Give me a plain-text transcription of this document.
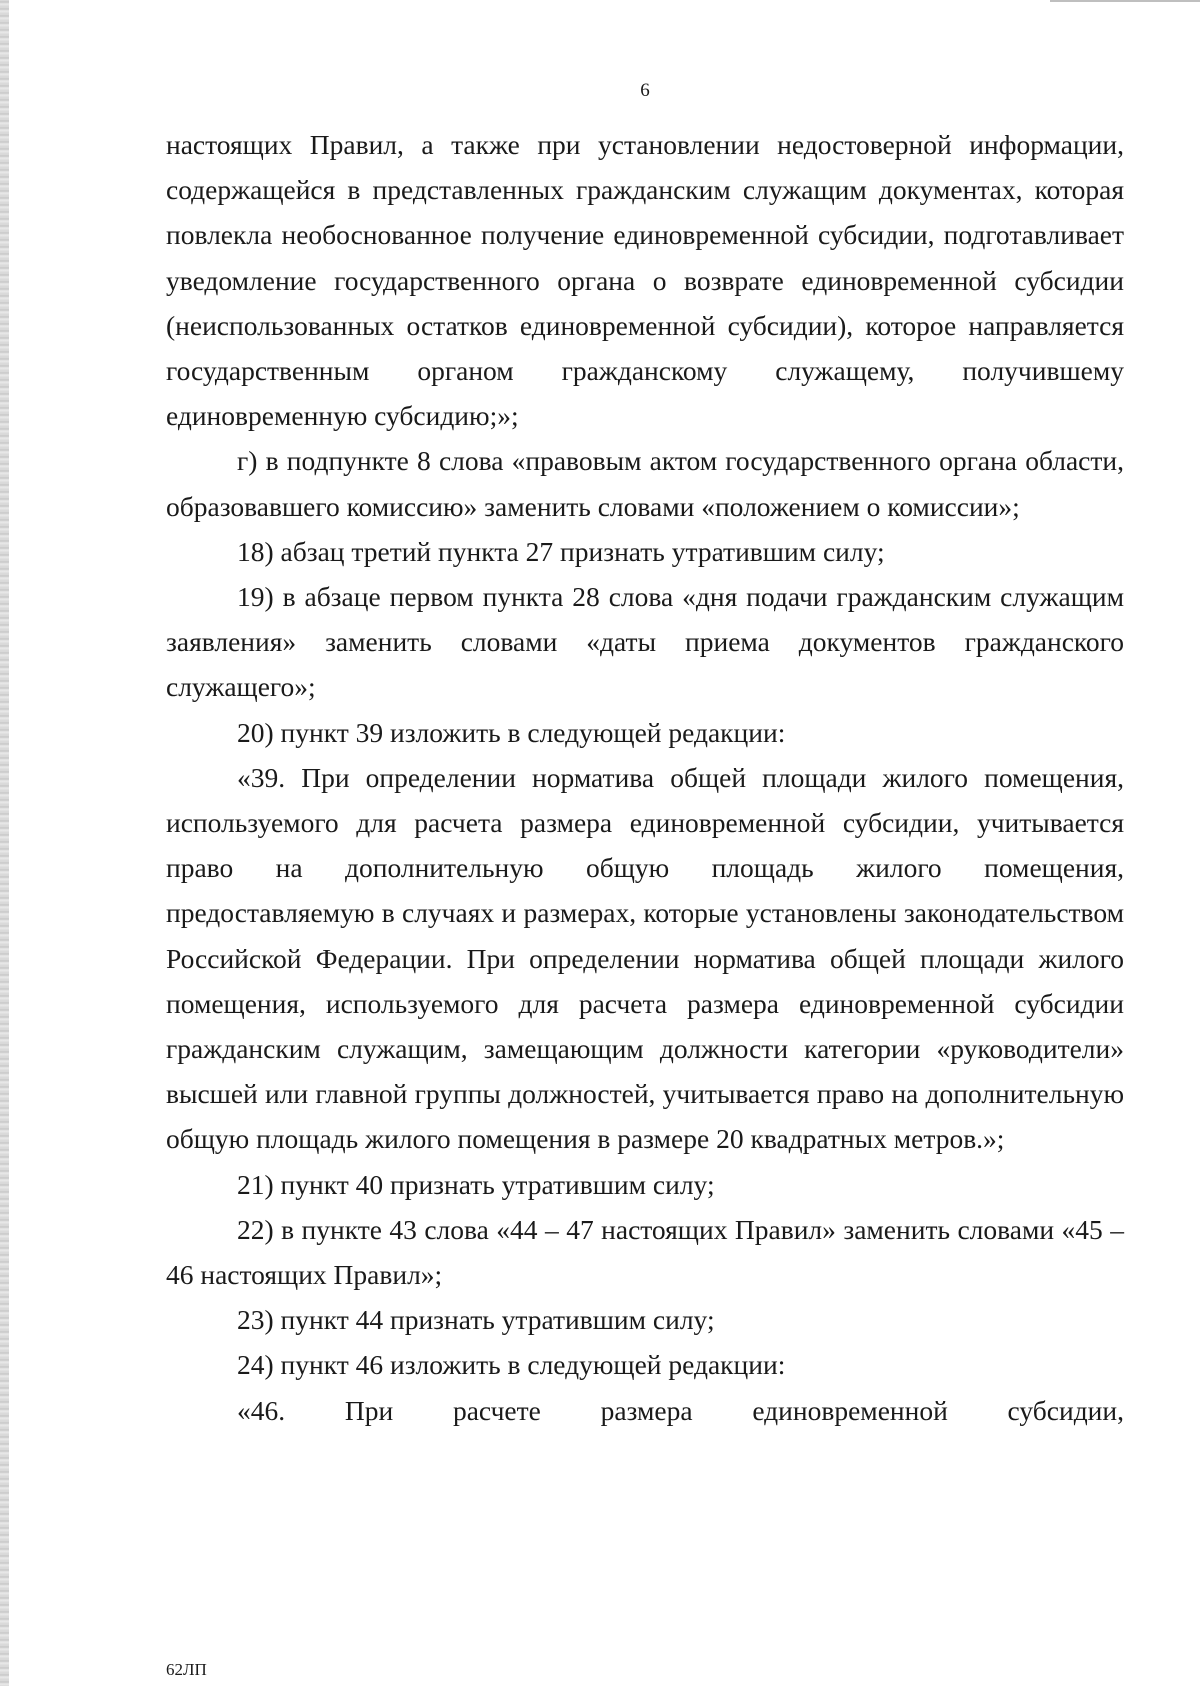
6

настоящих Правил, а также при установлении недостоверной информации, содержащейся в представленных гражданским служащим документах, которая повлекла необоснованное получение единовременной субсидии, подготавливает уведомление государственного органа о возврате единовременной субсидии (неиспользованных остатков единовременной субсидии), которое направляется государственным органом гражданскому служащему, получившему единовременную субсидию;»;

г) в подпункте 8 слова «правовым актом государственного органа области, образовавшего комиссию» заменить словами «положением о комиссии»;

18) абзац третий пункта 27 признать утратившим силу;

19) в абзаце первом пункта 28 слова «дня подачи гражданским служащим заявления» заменить словами «даты приема документов гражданского служащего»;

20) пункт 39 изложить в следующей редакции:

«39. При определении норматива общей площади жилого помещения, используемого для расчета размера единовременной субсидии, учитывается право на дополнительную общую площадь жилого помещения, предоставляемую в случаях и размерах, которые установлены законодательством Российской Федерации. При определении норматива общей площади жилого помещения, используемого для расчета размера единовременной субсидии гражданским служащим, замещающим должности категории «руководители» высшей или главной группы должностей, учитывается право на дополнительную общую площадь жилого помещения в размере 20 квадратных метров.»;

21) пункт 40 признать утратившим силу;

22) в пункте 43 слова «44 – 47 настоящих Правил» заменить словами «45 – 46 настоящих Правил»;

23) пункт 44 признать утратившим силу;

24) пункт 46 изложить в следующей редакции:

«46. При расчете размера единовременной субсидии,

62ЛП
